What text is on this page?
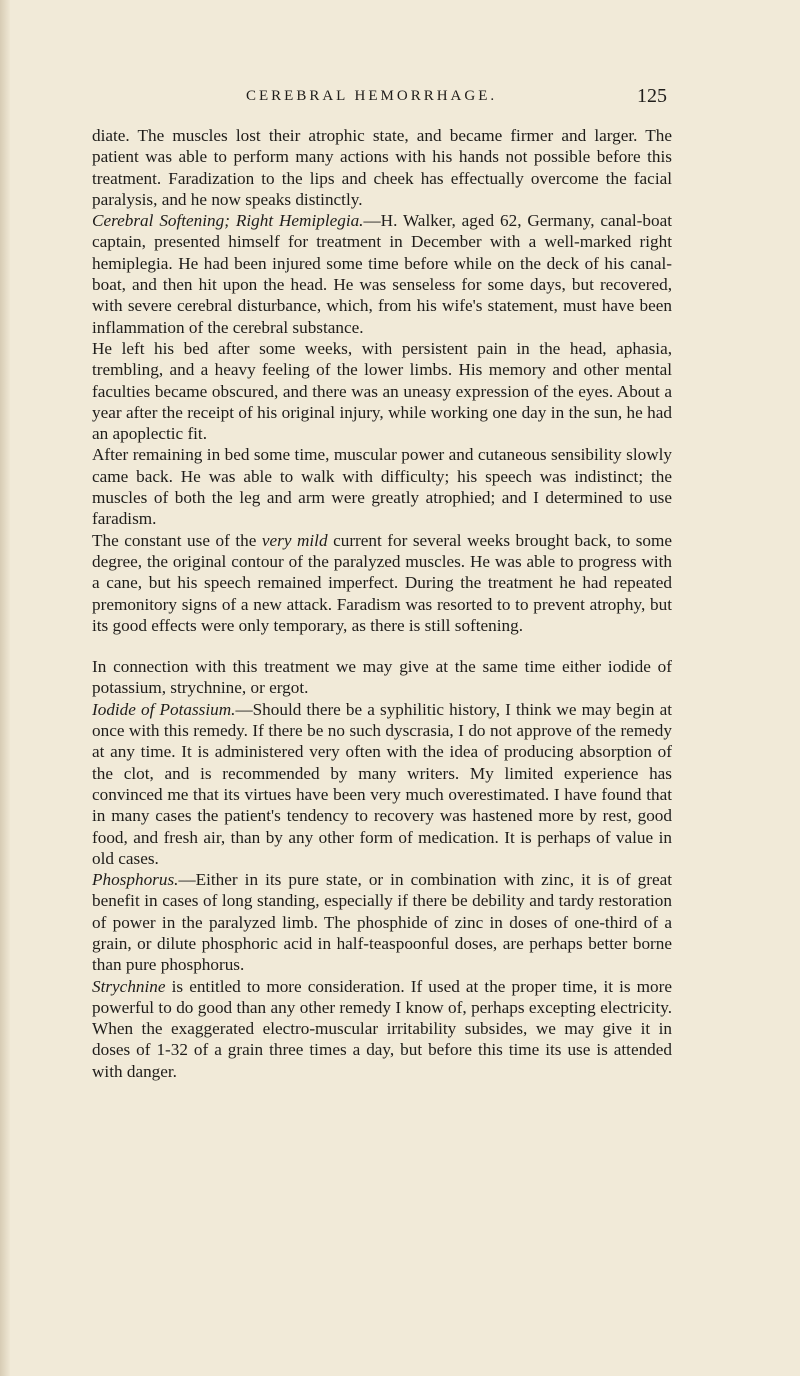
CEREBRAL HEMORRHAGE.	125

diate. The muscles lost their atrophic state, and became firmer and larger. The patient was able to perform many actions with his hands not possible before this treatment. Faradization to the lips and cheek has effectually overcome the facial paralysis, and he now speaks distinctly.

Cerebral Softening; Right Hemiplegia.—H. Walker, aged 62, Germany, canal-boat captain, presented himself for treatment in December with a well-marked right hemiplegia. He had been injured some time before while on the deck of his canal-boat, and then hit upon the head. He was senseless for some days, but recovered, with severe cerebral disturbance, which, from his wife's statement, must have been inflammation of the cerebral substance.

He left his bed after some weeks, with persistent pain in the head, aphasia, trembling, and a heavy feeling of the lower limbs. His memory and other mental faculties became obscured, and there was an uneasy expression of the eyes. About a year after the receipt of his original injury, while working one day in the sun, he had an apoplectic fit.

After remaining in bed some time, muscular power and cutaneous sensibility slowly came back. He was able to walk with difficulty; his speech was indistinct; the muscles of both the leg and arm were greatly atrophied; and I determined to use faradism.

The constant use of the very mild current for several weeks brought back, to some degree, the original contour of the paralyzed muscles. He was able to progress with a cane, but his speech remained imperfect. During the treatment he had repeated premonitory signs of a new attack. Faradism was resorted to to prevent atrophy, but its good effects were only temporary, as there is still softening.

In connection with this treatment we may give at the same time either iodide of potassium, strychnine, or ergot.

Iodide of Potassium.—Should there be a syphilitic history, I think we may begin at once with this remedy. If there be no such dyscrasia, I do not approve of the remedy at any time. It is administered very often with the idea of producing absorption of the clot, and is recommended by many writers. My limited experience has convinced me that its virtues have been very much overestimated. I have found that in many cases the patient's tendency to recovery was hastened more by rest, good food, and fresh air, than by any other form of medication. It is perhaps of value in old cases.

Phosphorus.—Either in its pure state, or in combination with zinc, it is of great benefit in cases of long standing, especially if there be debility and tardy restoration of power in the paralyzed limb. The phosphide of zinc in doses of one-third of a grain, or dilute phosphoric acid in half-teaspoonful doses, are perhaps better borne than pure phosphorus.

Strychnine is entitled to more consideration. If used at the proper time, it is more powerful to do good than any other remedy I know of, perhaps excepting electricity. When the exaggerated electro-muscular irritability subsides, we may give it in doses of 1-32 of a grain three times a day, but before this time its use is attended with danger.
